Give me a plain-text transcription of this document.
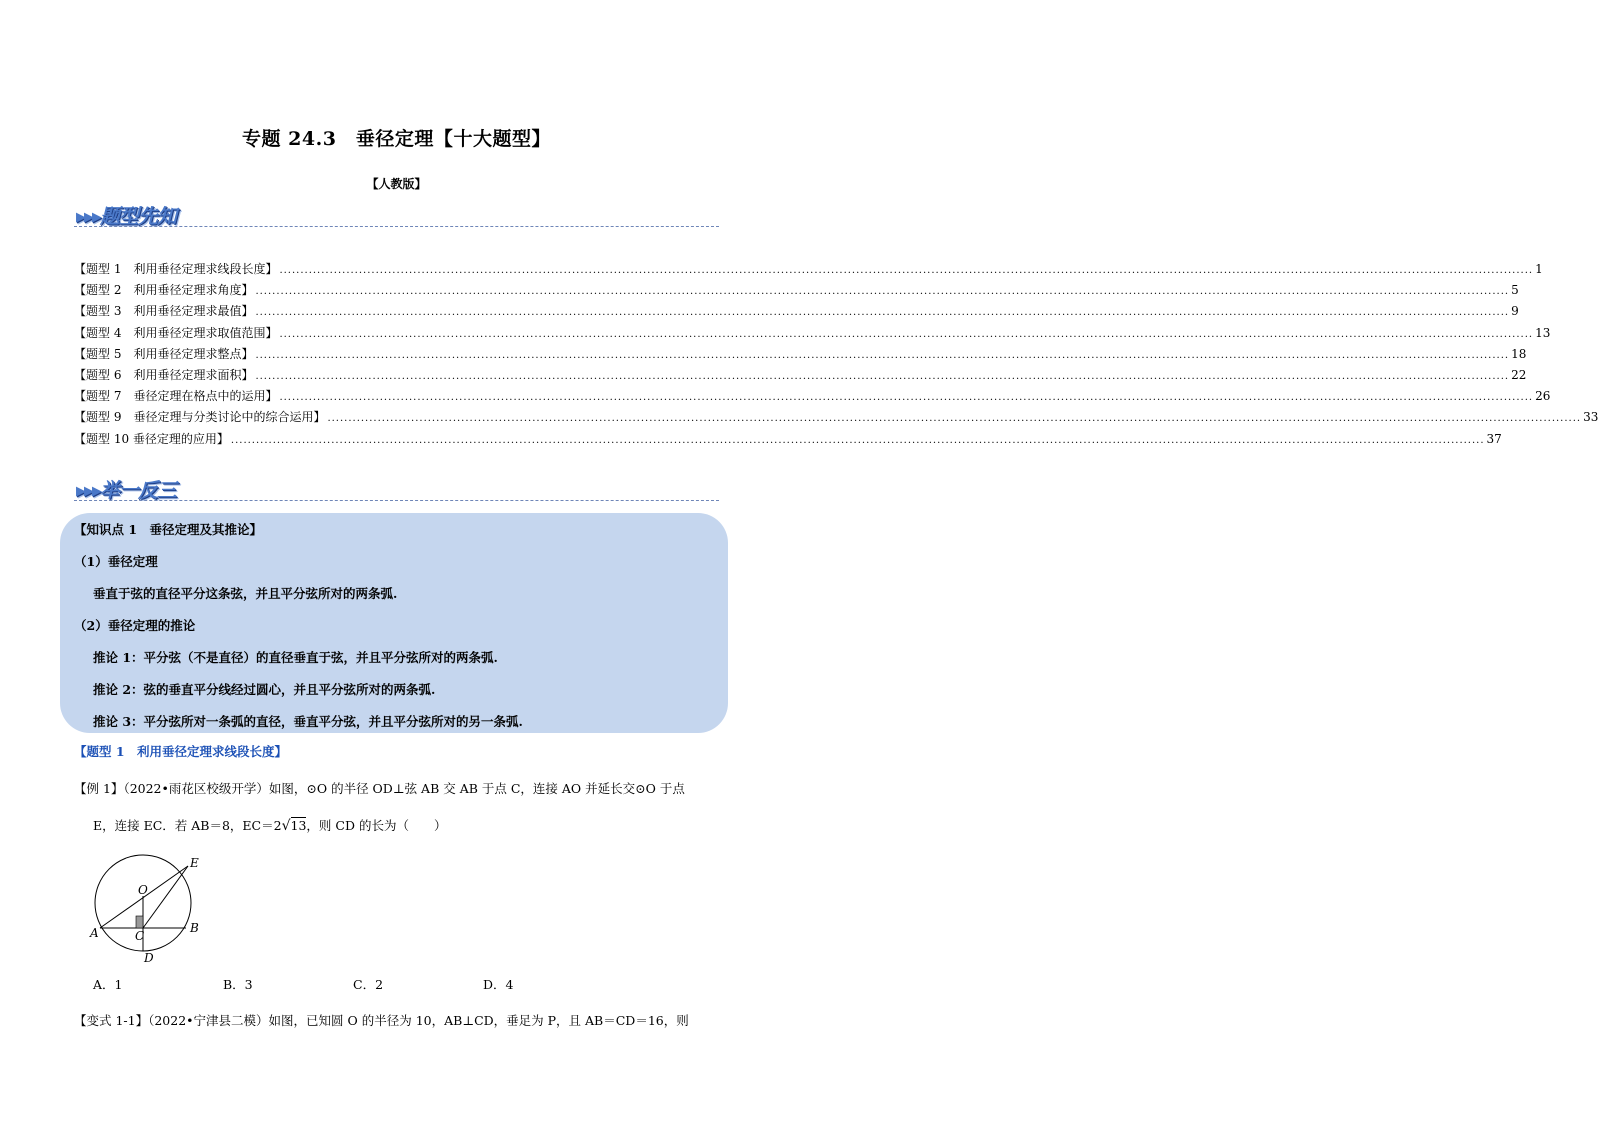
专题 24.3　垂径定理【十大题型】
【人教版】
▶▶▶题型先知
【题型 1　利用垂径定理求线段长度】 ............................................................................................................................................................................................................................................................................................................ 1
【题型 2　利用垂径定理求角度】 ............................................................................................................................................................................................................................................................................................................ 5
【题型 3　利用垂径定理求最值】 ............................................................................................................................................................................................................................................................................................................ 9
【题型 4　利用垂径定理求取值范围】 ............................................................................................................................................................................................................................................................................................................ 13
【题型 5　利用垂径定理求整点】 ............................................................................................................................................................................................................................................................................................................ 18
【题型 6　利用垂径定理求面积】 ............................................................................................................................................................................................................................................................................................................ 22
【题型 7　垂径定理在格点中的运用】 ............................................................................................................................................................................................................................................................................................................ 26
【题型 9　垂径定理与分类讨论中的综合运用】 ............................................................................................................................................................................................................................................................................................................ 33
【题型 10 垂径定理的应用】 ............................................................................................................................................................................................................................................................................................................ 37
▶▶▶举一反三
【知识点 1　垂径定理及其推论】
（1）垂径定理
垂直于弦的直径平分这条弦，并且平分弦所对的两条弧.
（2）垂径定理的推论
推论 1：平分弦（不是直径）的直径垂直于弦，并且平分弦所对的两条弧.
推论 2：弦的垂直平分线经过圆心，并且平分弦所对的两条弧.
推论 3：平分弦所对一条弧的直径，垂直平分弦，并且平分弦所对的另一条弧.
【题型 1　利用垂径定理求线段长度】
【例 1】（2022•雨花区校级开学）如图，⊙O 的半径 OD⊥弦 AB 交 AB 于点 C，连接 AO 并延长交⊙O 于点
E，连接 EC．若 AB＝8，EC＝2√13，则 CD 的长为（　　）
E
O
A	C
B
D
A．1	B．3	C．2	D．4
【变式 1-1】（2022•宁津县二模）如图，已知圆 O 的半径为 10，AB⊥CD，垂足为 P，且 AB＝CD＝16，则
